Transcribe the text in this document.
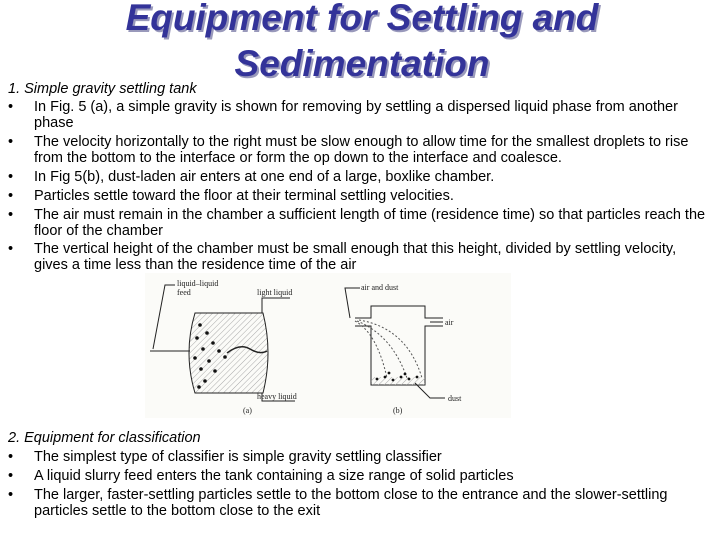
Equipment for Settling and
Sedimentation
1. Simple gravity settling tank
• In Fig. 5 (a), a simple gravity is shown for removing by settling a dispersed liquid phase from another phase
• The velocity horizontally to the right must be slow enough to allow time for the smallest droplets to rise from the bottom to the interface or form the op down to the interface and coalesce.
• In Fig 5(b), dust-laden air enters at one end of a large, boxlike chamber.
• Particles settle toward the floor at their terminal settling velocities.
• The air must remain in the chamber a sufficient length of time (residence time) so that particles reach the floor of the chamber
• The vertical height of the chamber must be small enough that this height, divided by settling velocity, gives a time less than the residence time of the air
liquid–liquid
feed	light liquid
heavy liquid
(a)
air and dust
air
dust
(b)
2. Equipment for classification
• The simplest type of classifier is simple gravity settling classifier
• A liquid slurry feed enters the tank containing a size range of solid particles
• The larger, faster-settling particles settle to the bottom close to the entrance and the slower-settling particles settle to the bottom close to the exit
